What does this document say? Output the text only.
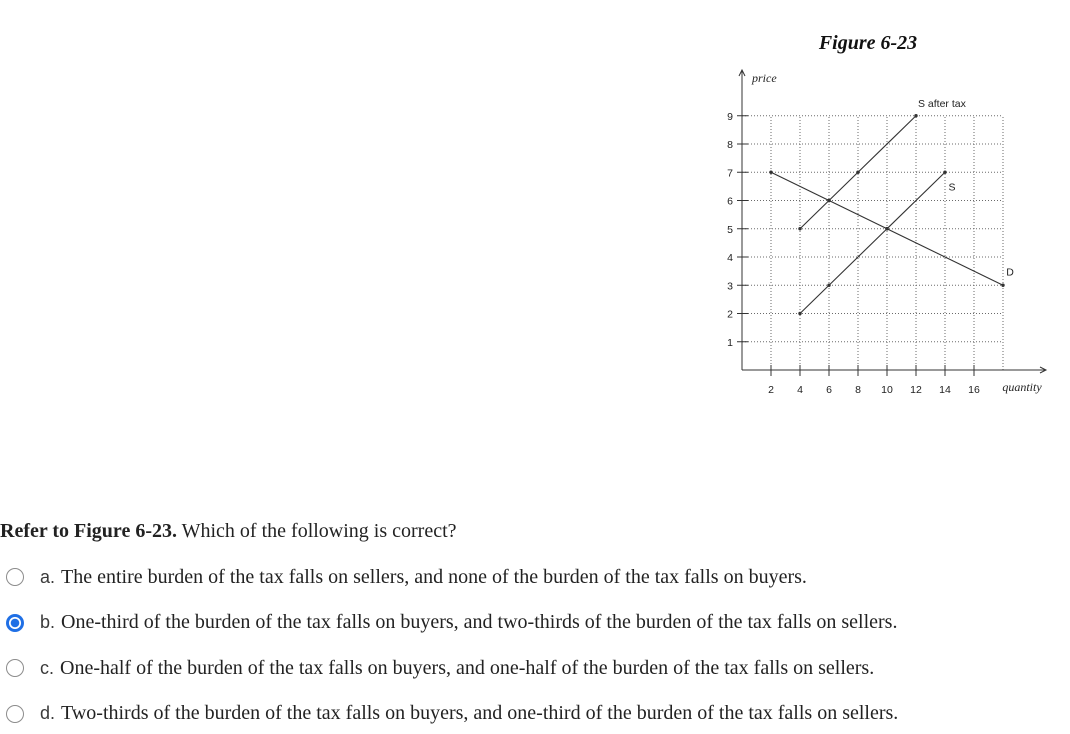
Figure 6-23
1
2
3
4
5
6
7
8
9
2 4 6 8 10 12 14 16
S after tax
S
D
price
quantity
Refer to Figure 6-23. Which of the following is correct?
a. The entire burden of the tax falls on sellers, and none of the burden of the tax falls on buyers.
b. One-third of the burden of the tax falls on buyers, and two-thirds of the burden of the tax falls on sellers.
c. One-half of the burden of the tax falls on buyers, and one-half of the burden of the tax falls on sellers.
d. Two-thirds of the burden of the tax falls on buyers, and one-third of the burden of the tax falls on sellers.
